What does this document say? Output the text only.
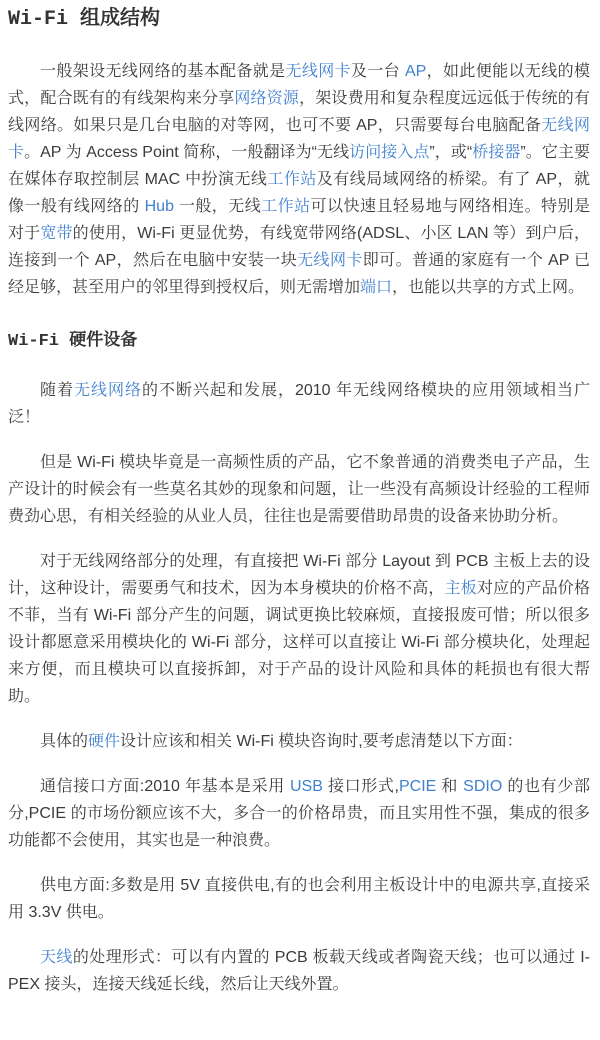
Wi-Fi 组成结构

一般架设无线网络的基本配备就是无线网卡及一台 AP，如此便能以无线的模式，配合既有的有线架构来分享网络资源，架设费用和复杂程度远远低于传统的有线网络。如果只是几台电脑的对等网，也可不要 AP，只需要每台电脑配备无线网卡。AP 为 Access Point 简称，一般翻译为“无线访问接入点”，或“桥接器”。它主要在媒体存取控制层 MAC 中扮演无线工作站及有线局域网络的桥梁。有了 AP，就像一般有线网络的 Hub 一般，无线工作站可以快速且轻易地与网络相连。特别是对于宽带的使用，Wi-Fi 更显优势，有线宽带网络(ADSL、小区 LAN 等）到户后，连接到一个 AP，然后在电脑中安装一块无线网卡即可。普通的家庭有一个 AP 已经足够，甚至用户的邻里得到授权后，则无需增加端口，也能以共享的方式上网。

Wi-Fi 硬件设备

随着无线网络的不断兴起和发展，2010 年无线网络模块的应用领域相当广泛！

但是 Wi-Fi 模块毕竟是一高频性质的产品，它不象普通的消费类电子产品，生产设计的时候会有一些莫名其妙的现象和问题，让一些没有高频设计经验的工程师费劲心思，有相关经验的从业人员，往往也是需要借助昂贵的设备来协助分析。

对于无线网络部分的处理，有直接把 Wi-Fi 部分 Layout 到 PCB 主板上去的设计，这种设计，需要勇气和技术，因为本身模块的价格不高，主板对应的产品价格不菲，当有 Wi-Fi 部分产生的问题，调试更换比较麻烦，直接报废可惜；所以很多设计都愿意采用模块化的 Wi-Fi 部分，这样可以直接让 Wi-Fi 部分模块化，处理起来方便，而且模块可以直接拆卸，对于产品的设计风险和具体的耗损也有很大帮助。

具体的硬件设计应该和相关 Wi-Fi 模块咨询时,要考虑清楚以下方面：

通信接口方面:2010 年基本是采用 USB 接口形式,PCIE 和 SDIO 的也有少部分,PCIE 的市场份额应该不大，多合一的价格昂贵，而且实用性不强，集成的很多功能都不会使用，其实也是一种浪费。

供电方面:多数是用 5V 直接供电,有的也会利用主板设计中的电源共享,直接采用 3.3V 供电。

天线的处理形式：可以有内置的 PCB 板载天线或者陶瓷天线；也可以通过 I-PEX 接头，连接天线延长线，然后让天线外置。
